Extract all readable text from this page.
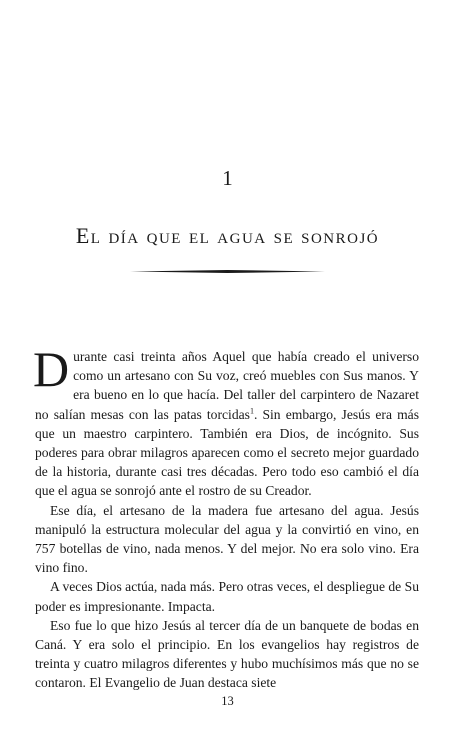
1
El día que el agua se sonrojó

Durante casi treinta años Aquel que había creado el universo como un artesano con Su voz, creó muebles con Sus manos. Y era bueno en lo que hacía. Del taller del carpintero de Nazaret no salían mesas con las patas torcidas$^1$. Sin embargo, Jesús era más que un maestro carpintero. También era Dios, de incógnito. Sus poderes para obrar milagros aparecen como el secreto mejor guardado de la historia, durante casi tres décadas. Pero todo eso cambió el día que el agua se sonrojó ante el rostro de su Creador.

Ese día, el artesano de la madera fue artesano del agua. Jesús manipuló la estructura molecular del agua y la convirtió en vino, en 757 botellas de vino, nada menos. Y del mejor. No era solo vino. Era vino fino.

A veces Dios actúa, nada más. Pero otras veces, el despliegue de Su poder es impresionante. Impacta.

Eso fue lo que hizo Jesús al tercer día de un banquete de bodas en Caná. Y era solo el principio. En los evangelios hay registros de treinta y cuatro milagros diferentes y hubo muchísimos más que no se contaron. El Evangelio de Juan destaca siete

13
